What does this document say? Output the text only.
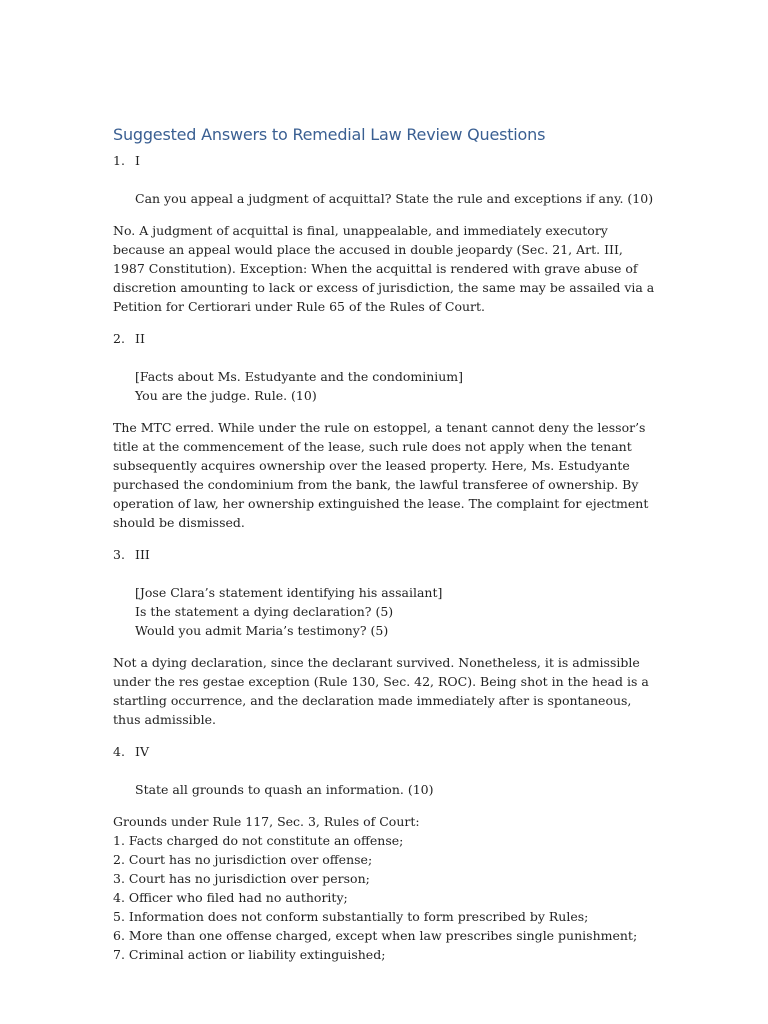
Suggested Answers to Remedial Law Review Questions
1. I
Can you appeal a judgment of acquittal? State the rule and exceptions if any. (10)
No. A judgment of acquittal is final, unappealable, and immediately executory because an appeal would place the accused in double jeopardy (Sec. 21, Art. III, 1987 Constitution). Exception: When the acquittal is rendered with grave abuse of discretion amounting to lack or excess of jurisdiction, the same may be assailed via a Petition for Certiorari under Rule 65 of the Rules of Court.
2. II
[Facts about Ms. Estudyante and the condominium]
You are the judge. Rule. (10)
The MTC erred. While under the rule on estoppel, a tenant cannot deny the lessor’s title at the commencement of the lease, such rule does not apply when the tenant subsequently acquires ownership over the leased property. Here, Ms. Estudyante purchased the condominium from the bank, the lawful transferee of ownership. By operation of law, her ownership extinguished the lease. The complaint for ejectment should be dismissed.
3. III
[Jose Clara’s statement identifying his assailant]
Is the statement a dying declaration? (5)
Would you admit Maria’s testimony? (5)
Not a dying declaration, since the declarant survived. Nonetheless, it is admissible under the res gestae exception (Rule 130, Sec. 42, ROC). Being shot in the head is a startling occurrence, and the declaration made immediately after is spontaneous, thus admissible.
4. IV
State all grounds to quash an information. (10)
Grounds under Rule 117, Sec. 3, Rules of Court:
1. Facts charged do not constitute an offense;
2. Court has no jurisdiction over offense;
3. Court has no jurisdiction over person;
4. Officer who filed had no authority;
5. Information does not conform substantially to form prescribed by Rules;
6. More than one offense charged, except when law prescribes single punishment;
7. Criminal action or liability extinguished;
